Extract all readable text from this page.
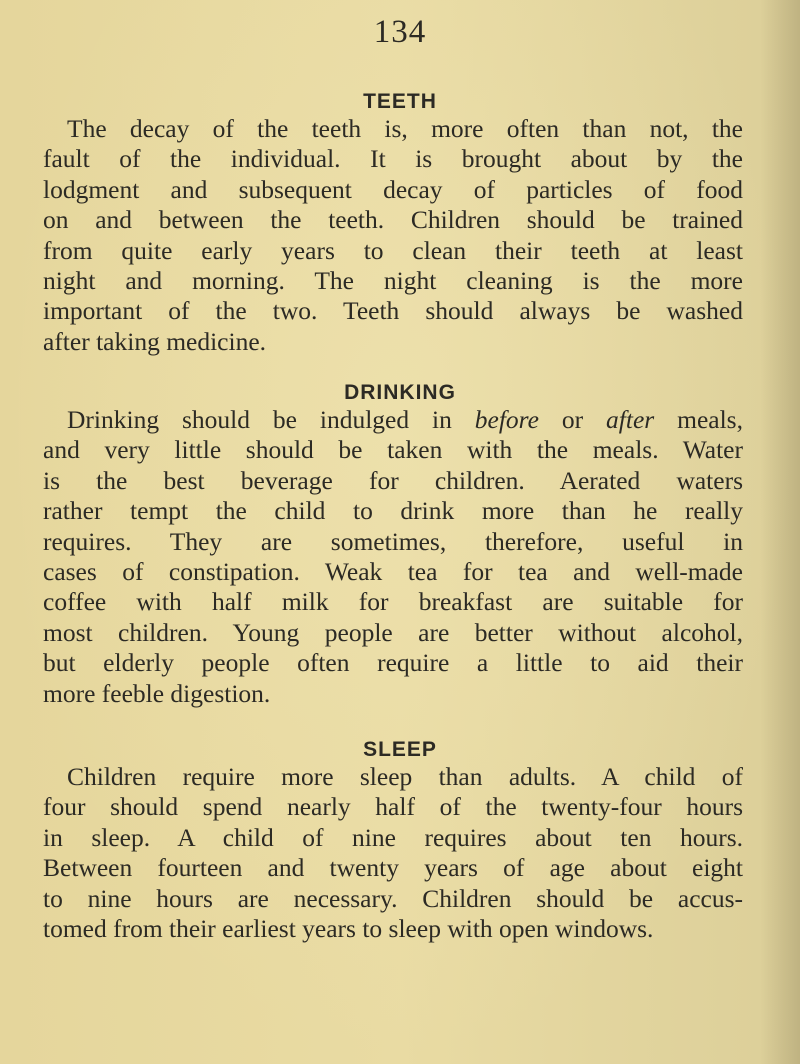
134
TEETH
The decay of the teeth is, more often than not, the
fault of the individual. It is brought about by the
lodgment and subsequent decay of particles of food
on and between the teeth. Children should be trained
from quite early years to clean their teeth at least
night and morning. The night cleaning is the more
important of the two. Teeth should always be washed
after taking medicine.
DRINKING
Drinking should be indulged in before or after meals,
and very little should be taken with the meals. Water
is the best beverage for children. Aerated waters
rather tempt the child to drink more than he really
requires. They are sometimes, therefore, useful in
cases of constipation. Weak tea for tea and well-made
coffee with half milk for breakfast are suitable for
most children. Young people are better without alcohol,
but elderly people often require a little to aid their
more feeble digestion.
SLEEP
Children require more sleep than adults. A child of
four should spend nearly half of the twenty-four hours
in sleep. A child of nine requires about ten hours.
Between fourteen and twenty years of age about eight
to nine hours are necessary. Children should be accus-
tomed from their earliest years to sleep with open windows.
